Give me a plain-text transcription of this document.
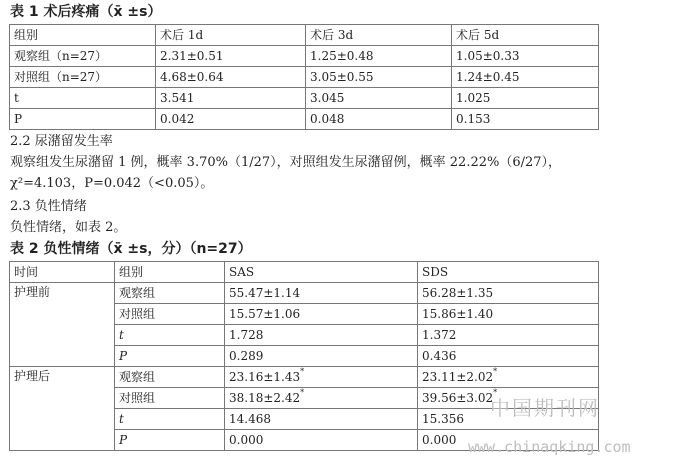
表 1 术后疼痛（x̄ ±s）
组别	术后 1d	术后 3d	术后 5d
观察组（n=27）	2.31±0.51	1.25±0.48	1.05±0.33
对照组（n=27）	4.68±0.64	3.05±0.55	1.24±0.45
t	3.541	3.045	1.025
P	0.042	0.048	0.153
2.2 尿潴留发生率
观察组发生尿潴留 1 例，概率 3.70%（1/27），对照组发生尿潴留例，概率 22.22%（6/27），
χ²=4.103，P=0.042（<0.05）。
2.3 负性情绪
负性情绪，如表 2。
表 2 负性情绪（x̄ ±s，分）（n=27）
时间	组别	SAS	SDS
护理前	观察组	55.47±1.14	56.28±1.35
	对照组	15.57±1.06	15.86±1.40
	t	1.728	1.372
	P	0.289	0.436
护理后	观察组	23.16±1.43*	23.11±2.02*
	对照组	38.18±2.42*	39.56±3.02*
	t	14.468	15.356
	P	0.000	0.000
中国期刊网
www.chinaqking.com
